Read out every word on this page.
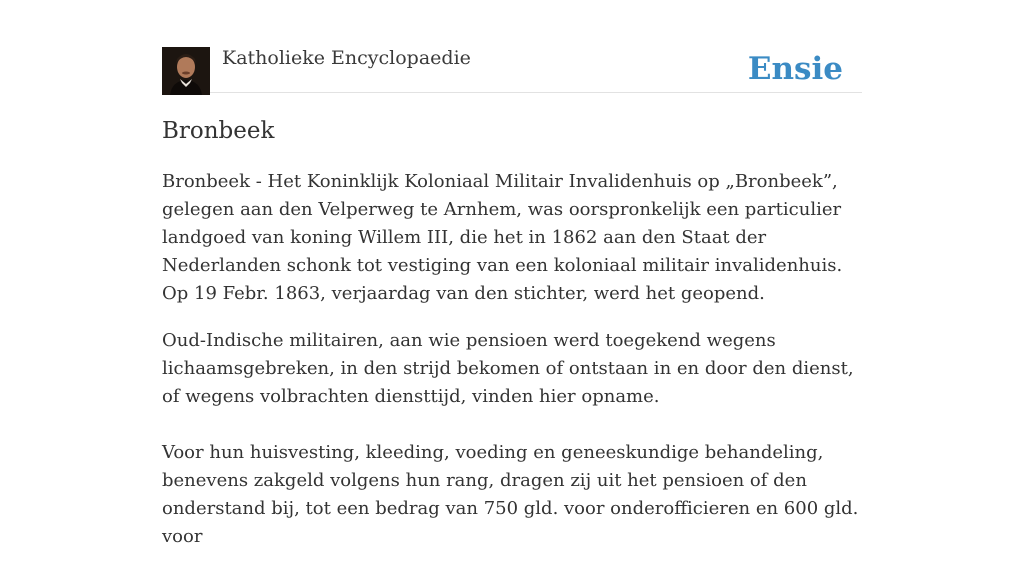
Katholieke Encyclopaedie	Ensie
Bronbeek

Bronbeek - Het Koninklijk Koloniaal Militair Invalidenhuis op „Bronbeek”, gelegen aan den Velperweg te Arnhem, was oorspronkelijk een particulier landgoed van koning Willem III, die het in 1862 aan den Staat der Nederlanden schonk tot vestiging van een koloniaal militair invalidenhuis. Op 19 Febr. 1863, verjaardag van den stichter, werd het geopend.

Oud-Indische militairen, aan wie pensioen werd toegekend wegens lichaamsgebreken, in den strijd bekomen of ontstaan in en door den dienst, of wegens volbrachten diensttijd, vinden hier opname.

Voor hun huisvesting, kleeding, voeding en geneeskundige behandeling, benevens zakgeld volgens hun rang, dragen zij uit het pensioen of den onderstand bij, tot een bedrag van 750 gld. voor onderofficieren en 600 gld. voor
